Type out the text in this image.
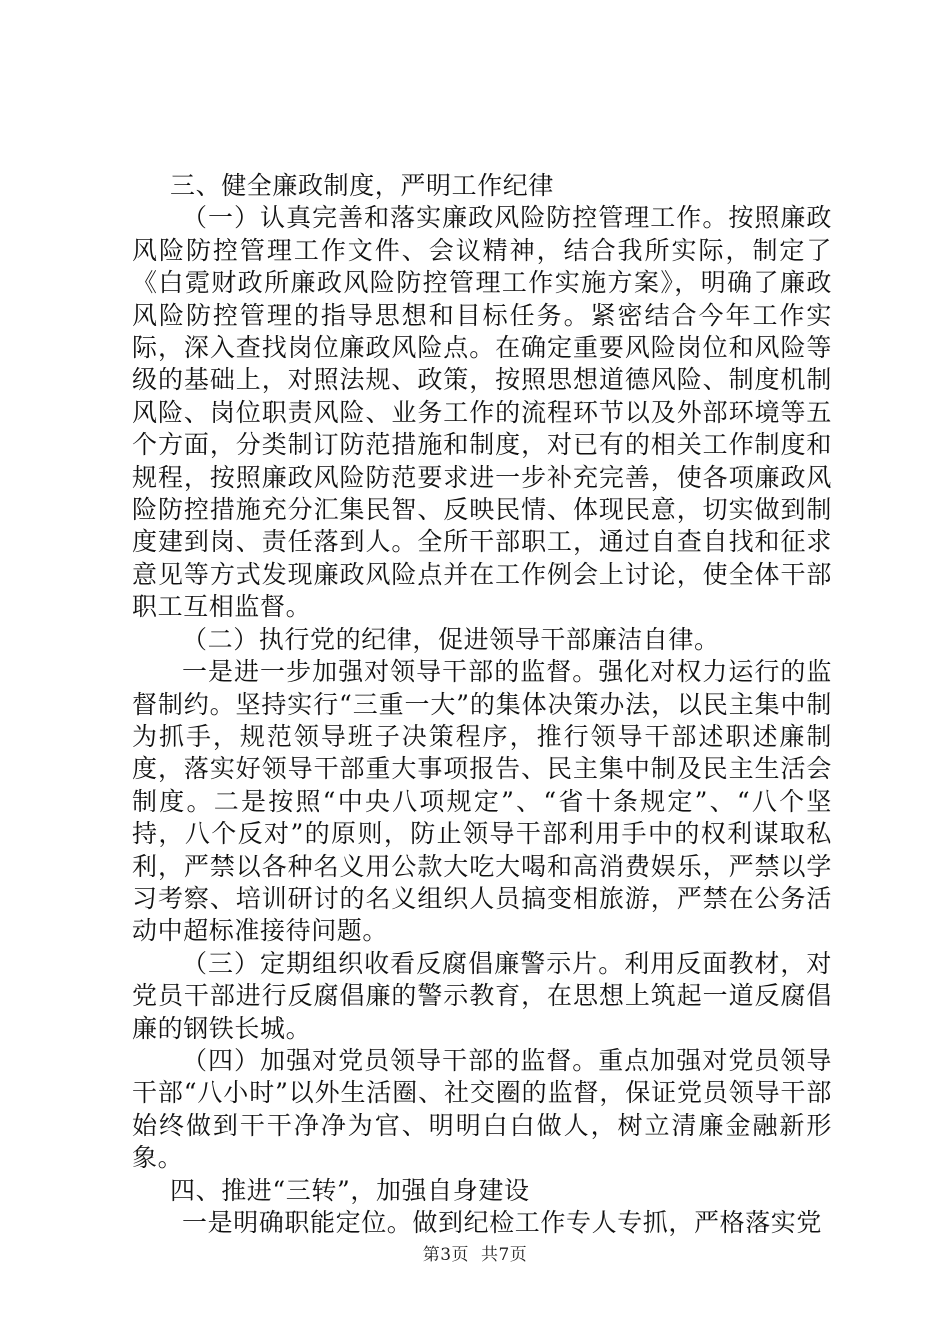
三、健全廉政制度，严明工作纪律

（一）认真完善和落实廉政风险防控管理工作。按照廉政风险防控管理工作文件、会议精神，结合我所实际，制定了《白霓财政所廉政风险防控管理工作实施方案》，明确了廉政风险防控管理的指导思想和目标任务。紧密结合今年工作实际，深入查找岗位廉政风险点。在确定重要风险岗位和风险等级的基础上，对照法规、政策，按照思想道德风险、制度机制风险、岗位职责风险、业务工作的流程环节以及外部环境等五个方面，分类制订防范措施和制度，对已有的相关工作制度和规程，按照廉政风险防范要求进一步补充完善，使各项廉政风险防控措施充分汇集民智、反映民情、体现民意，切实做到制度建到岗、责任落到人。全所干部职工，通过自查自找和征求意见等方式发现廉政风险点并在工作例会上讨论，使全体干部职工互相监督。

（二）执行党的纪律，促进领导干部廉洁自律。

一是进一步加强对领导干部的监督。强化对权力运行的监督制约。坚持实行“三重一大”的集体决策办法，以民主集中制为抓手，规范领导班子决策程序，推行领导干部述职述廉制度，落实好领导干部重大事项报告、民主集中制及民主生活会制度。二是按照“中央八项规定”、“省十条规定”、“八个坚持，八个反对”的原则，防止领导干部利用手中的权利谋取私利，严禁以各种名义用公款大吃大喝和高消费娱乐，严禁以学习考察、培训研讨的名义组织人员搞变相旅游，严禁在公务活动中超标准接待问题。

（三）定期组织收看反腐倡廉警示片。利用反面教材，对党员干部进行反腐倡廉的警示教育，在思想上筑起一道反腐倡廉的钢铁长城。

（四）加强对党员领导干部的监督。重点加强对党员领导干部“八小时”以外生活圈、社交圈的监督，保证党员领导干部始终做到干干净净为官、明明白白做人，树立清廉金融新形象。

四、推进“三转”，加强自身建设

一是明确职能定位。做到纪检工作专人专抓，严格落实党

第3页 共7页
